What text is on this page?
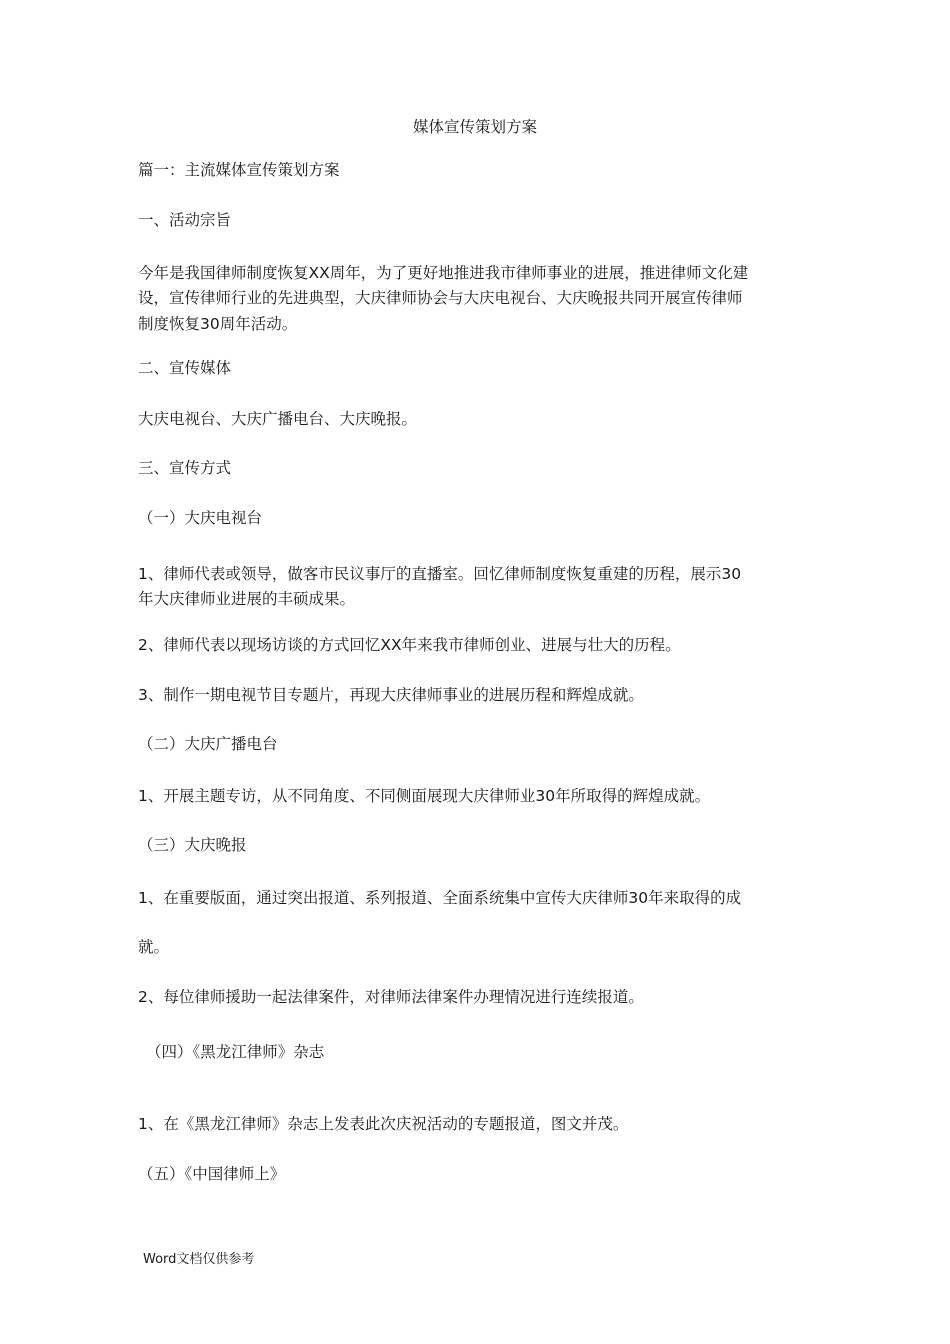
媒体宣传策划方案
篇一：主流媒体宣传策划方案
一、活动宗旨
今年是我国律师制度恢复XX周年，为了更好地推进我市律师事业的进展，推进律师文化建
设，宣传律师行业的先进典型，大庆律师协会与大庆电视台、大庆晚报共同开展宣传律师
制度恢复30周年活动。
二、宣传媒体
大庆电视台、大庆广播电台、大庆晚报。
三、宣传方式
（一）大庆电视台
1、律师代表或领导，做客市民议事厅的直播室。回忆律师制度恢复重建的历程，展示30
年大庆律师业进展的丰硕成果。
2、律师代表以现场访谈的方式回忆XX年来我市律师创业、进展与壮大的历程。
3、制作一期电视节目专题片，再现大庆律师事业的进展历程和辉煌成就。
（二）大庆广播电台
1、开展主题专访，从不同角度、不同侧面展现大庆律师业30年所取得的辉煌成就。
（三）大庆晚报
1、在重要版面，通过突出报道、系列报道、全面系统集中宣传大庆律师30年来取得的成
就。
2、每位律师援助一起法律案件，对律师法律案件办理情况进行连续报道。
（四）《黑龙江律师》杂志
1、在《黑龙江律师》杂志上发表此次庆祝活动的专题报道，图文并茂。
（五）《中国律师上》
Word文档仅供参考
